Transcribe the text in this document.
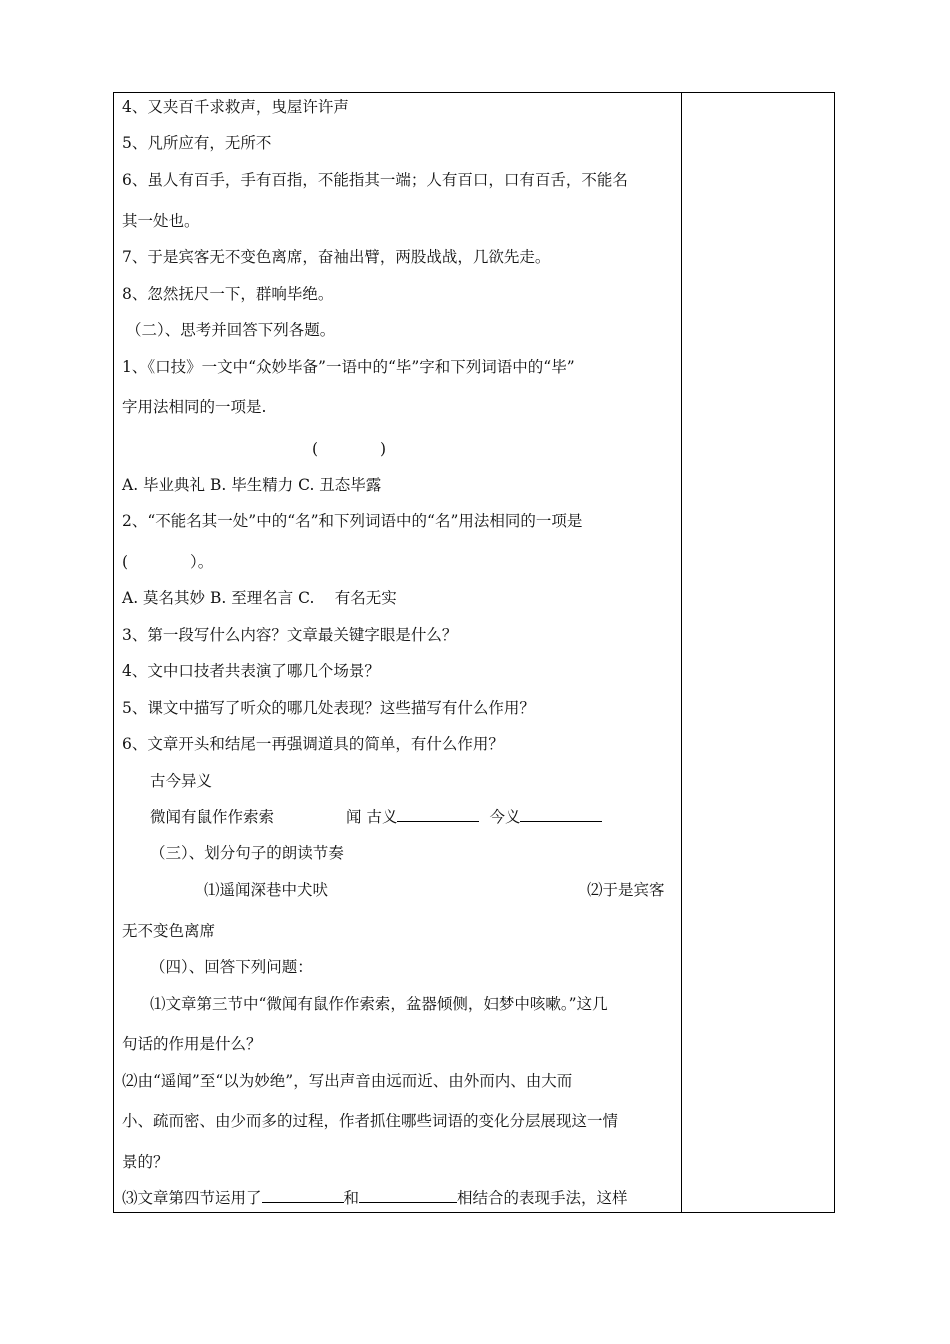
4、又夹百千求救声，曳屋许许声
5、凡所应有，无所不
6、虽人有百手，手有百指，不能指其一端；人有百口，口有百舌，不能名
其一处也。
7、于是宾客无不变色离席，奋袖出臂，两股战战，几欲先走。
8、忽然抚尺一下，群响毕绝。
（二）、思考并回答下列各题。
1、《口技》一文中“众妙毕备”一语中的“毕”字和下列词语中的“毕”
字用法相同的一项是.
(　　　　)
A. 毕业典礼 B. 毕生精力 C. 丑态毕露
2、“不能名其一处”中的“名”和下列词语中的“名”用法相同的一项是
(　　　　）。
A. 莫名其妙 B. 至理名言 C.　 有名无实
3、第一段写什么内容？文章最关键字眼是什么？
4、文中口技者共表演了哪几个场景？
5、课文中描写了听众的哪几处表现？这些描写有什么作用？
6、文章开头和结尾一再强调道具的简单，有什么作用？
古今异义
微闻有鼠作作索索	闻 古义	今义
（三）、划分句子的朗读节奏
⑴遥闻深巷中犬吠	⑵于是宾客
无不变色离席
（四）、回答下列问题：
⑴文章第三节中“微闻有鼠作作索索，盆器倾侧，妇梦中咳嗽。”这几
句话的作用是什么？
⑵由“遥闻”至“以为妙绝”，写出声音由远而近、由外而内、由大而
小、疏而密、由少而多的过程，作者抓住哪些词语的变化分层展现这一情
景的？
⑶文章第四节运用了	和	相结合的表现手法，这样
